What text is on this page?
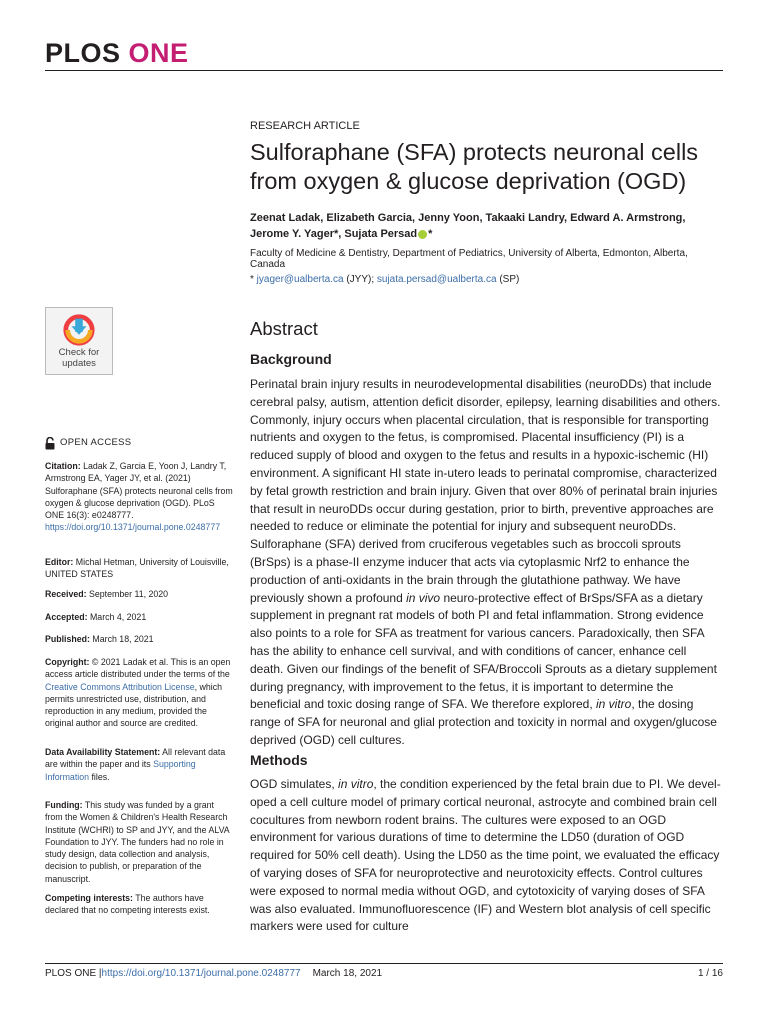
PLOS ONE
RESEARCH ARTICLE
Sulforaphane (SFA) protects neuronal cells from oxygen & glucose deprivation (OGD)
Zeenat Ladak, Elizabeth Garcia, Jenny Yoon, Takaaki Landry, Edward A. Armstrong,
Jerome Y. Yager*, Sujata Persad *
Faculty of Medicine & Dentistry, Department of Pediatrics, University of Alberta, Edmonton, Alberta, Canada
* jyager@ualberta.ca (JYY); sujata.persad@ualberta.ca (SP)
Abstract
Background

Perinatal brain injury results in neurodevelopmental disabilities (neuroDDs) that include cerebral palsy, autism, attention deficit disorder, epilepsy, learning disabilities and others. Commonly, injury occurs when placental circulation, that is responsible for transporting nutrients and oxygen to the fetus, is compromised. Placental insufficiency (PI) is a reduced supply of blood and oxygen to the fetus and results in a hypoxic-ischemic (HI) environment. A significant HI state in-utero leads to perinatal compromise, characterized by fetal growth restriction and brain injury. Given that over 80% of perinatal brain injuries that result in neuroDDs occur during gestation, prior to birth, preventive approaches are needed to reduce or eliminate the potential for injury and subsequent neuroDDs. Sulforaphane (SFA) derived from cruciferous vegetables such as broccoli sprouts (BrSps) is a phase-II enzyme inducer that acts via cytoplasmic Nrf2 to enhance the production of anti-oxidants in the brain through the glutathione pathway. We have previously shown a profound in vivo neuro-protective effect of BrSps/SFA as a dietary supplement in pregnant rat models of both PI and fetal inflammation. Strong evidence also points to a role for SFA as treatment for various cancers. Paradoxically, then SFA has the ability to enhance cell survival, and with conditions of cancer, enhance cell death. Given our findings of the benefit of SFA/Broccoli Sprouts as a dietary supplement during pregnancy, with improvement to the fetus, it is important to determine the beneficial and toxic dosing range of SFA. We therefore explored, in vitro, the dosing range of SFA for neuronal and glial protection and toxicity in normal and oxygen/glucose deprived (OGD) cell cultures.

Methods

OGD simulates, in vitro, the condition experienced by the fetal brain due to PI. We developed a cell culture model of primary cortical neuronal, astrocyte and combined brain cell cocultures from newborn rodent brains. The cultures were exposed to an OGD environment for various durations of time to determine the LD50 (duration of OGD required for 50% cell death). Using the LD50 as the time point, we evaluated the efficacy of varying doses of SFA for neuroprotective and neurotoxicity effects. Control cultures were exposed to normal media without OGD, and cytotoxicity of varying doses of SFA was also evaluated. Immunofluorescence (IF) and Western blot analysis of cell specific markers were used for culture

Check for
updates
OPEN ACCESS
Citation: Ladak Z, Garcia E, Yoon J, Landry T, Armstrong EA, Yager JY, et al. (2021) Sulforaphane (SFA) protects neuronal cells from oxygen & glucose deprivation (OGD). PLoS ONE 16(3): e0248777. https://doi.org/10.1371/journal.pone.0248777
Editor: Michal Hetman, University of Louisville, UNITED STATES
Received: September 11, 2020
Accepted: March 4, 2021
Published: March 18, 2021
Copyright: © 2021 Ladak et al. This is an open access article distributed under the terms of the Creative Commons Attribution License, which permits unrestricted use, distribution, and reproduction in any medium, provided the original author and source are credited.
Data Availability Statement: All relevant data are within the paper and its Supporting Information files.
Funding: This study was funded by a grant from the Women & Children's Health Research Institute (WCHRI) to SP and JYY, and the ALVA Foundation to JYY. The funders had no role in study design, data collection and analysis, decision to publish, or preparation of the manuscript.
Competing interests: The authors have declared that no competing interests exist.
PLOS ONE | https://doi.org/10.1371/journal.pone.0248777 March 18, 2021	1 / 16
